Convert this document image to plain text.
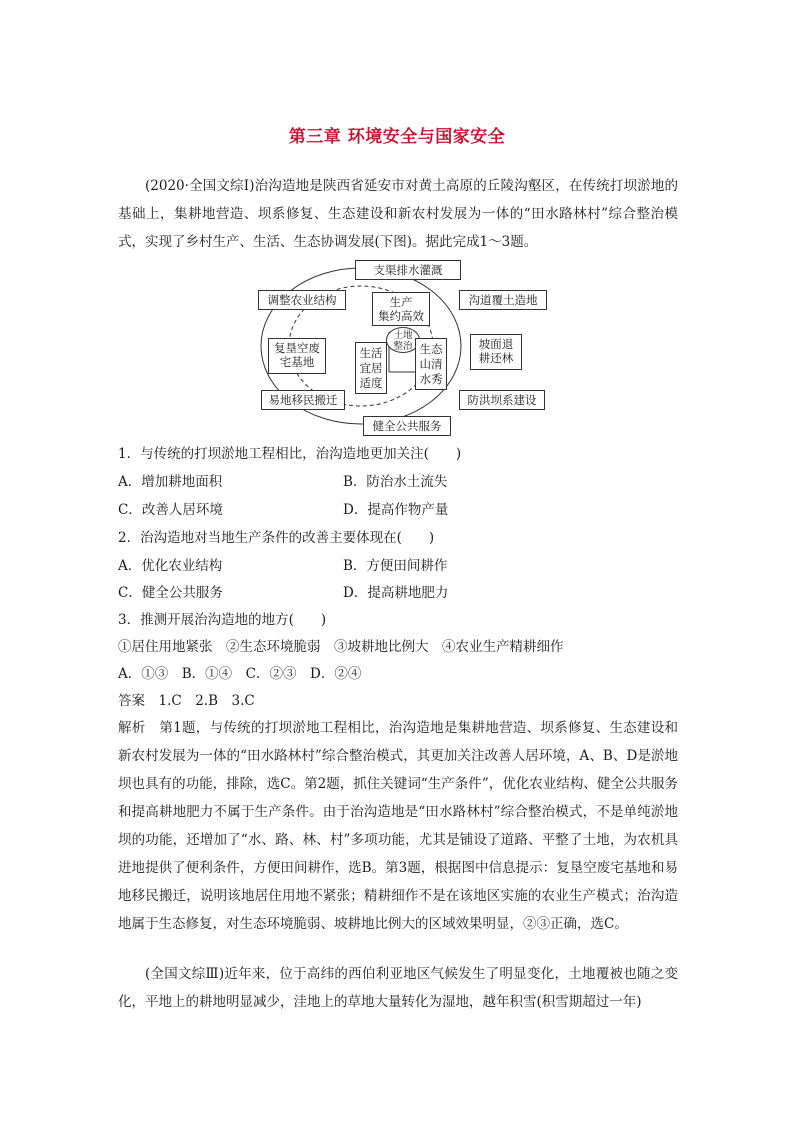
第三章 环境安全与国家安全

(2020·全国文综Ⅰ)治沟造地是陕西省延安市对黄土高原的丘陵沟壑区，在传统打坝淤地的基础上，集耕地营造、坝系修复、生态建设和新农村发展为一体的“田水路林村”综合整治模式，实现了乡村生产、生活、生态协调发展(下图)。据此完成1～3题。

支渠排水灌溉
调整农业结构	沟道覆土造地
复垦空废
宅基地
坡面退
耕还林
易地移民搬迁	防洪坝系建设
健全公共服务
生产
集约高效
土地
整治
生活
宜居
适度
生态
山清
水秀
1．与传统的打坝淤地工程相比，治沟造地更加关注(　　)
A．增加耕地面积	B．防治水土流失
C．改善人居环境	D．提高作物产量
2．治沟造地对当地生产条件的改善主要体现在(　　)
A．优化农业结构	B．方便田间耕作
C．健全公共服务	D．提高耕地肥力
3．推测开展治沟造地的地方(　　)
①居住用地紧张　②生态环境脆弱　③坡耕地比例大　④农业生产精耕细作
A．①③　B．①④　C．②③　D．②④
答案　1.C　2.B　3.C

解析　第1题，与传统的打坝淤地工程相比，治沟造地是集耕地营造、坝系修复、生态建设和新农村发展为一体的“田水路林村”综合整治模式，其更加关注改善人居环境，A、B、D是淤地坝也具有的功能，排除，选C。第2题，抓住关键词“生产条件”，优化农业结构、健全公共服务和提高耕地肥力不属于生产条件。由于治沟造地是“田水路林村”综合整治模式，不是单纯淤地坝的功能，还增加了“水、路、林、村”多项功能，尤其是铺设了道路、平整了土地，为农机具进地提供了便利条件，方便田间耕作，选B。第3题，根据图中信息提示：复垦空废宅基地和易地移民搬迁，说明该地居住用地不紧张；精耕细作不是在该地区实施的农业生产模式；治沟造地属于生态修复，对生态环境脆弱、坡耕地比例大的区域效果明显，②③正确，选C。

(全国文综Ⅲ)近年来，位于高纬的西伯利亚地区气候发生了明显变化，土地覆被也随之变化，平地上的耕地明显减少，洼地上的草地大量转化为湿地，越年积雪(积雪期超过一年)
